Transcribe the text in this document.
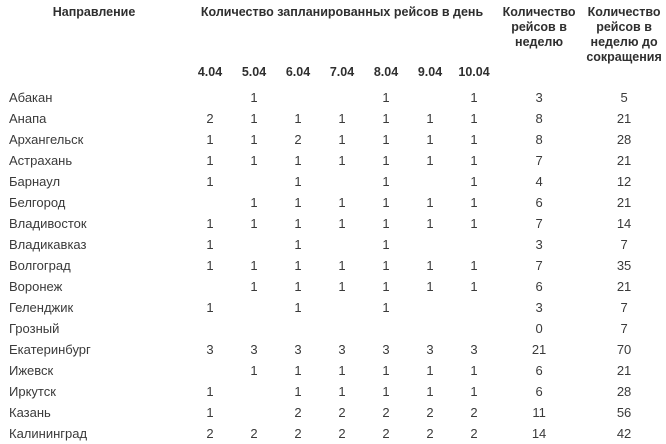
Направление	Количество запланированных рейсов в день							Количество рейсов в неделю	Количество рейсов в неделю до сокращения
	4.04	5.04	6.04	7.04	8.04	9.04	10.04		
Абакан		1			1		1	3	5
Анапа	2	1	1	1	1	1	1	8	21
Архангельск	1	1	2	1	1	1	1	8	28
Астрахань	1	1	1	1	1	1	1	7	21
Барнаул	1		1		1		1	4	12
Белгород		1	1	1	1	1	1	6	21
Владивосток	1	1	1	1	1	1	1	7	14
Владикавказ	1		1		1			3	7
Волгоград	1	1	1	1	1	1	1	7	35
Воронеж		1	1	1	1	1	1	6	21
Геленджик	1		1		1			3	7
Грозный								0	7
Екатеринбург	3	3	3	3	3	3	3	21	70
Ижевск		1	1	1	1	1	1	6	21
Иркутск	1		1	1	1	1	1	6	28
Казань	1		2	2	2	2	2	11	56
Калининград	2	2	2	2	2	2	2	14	42
